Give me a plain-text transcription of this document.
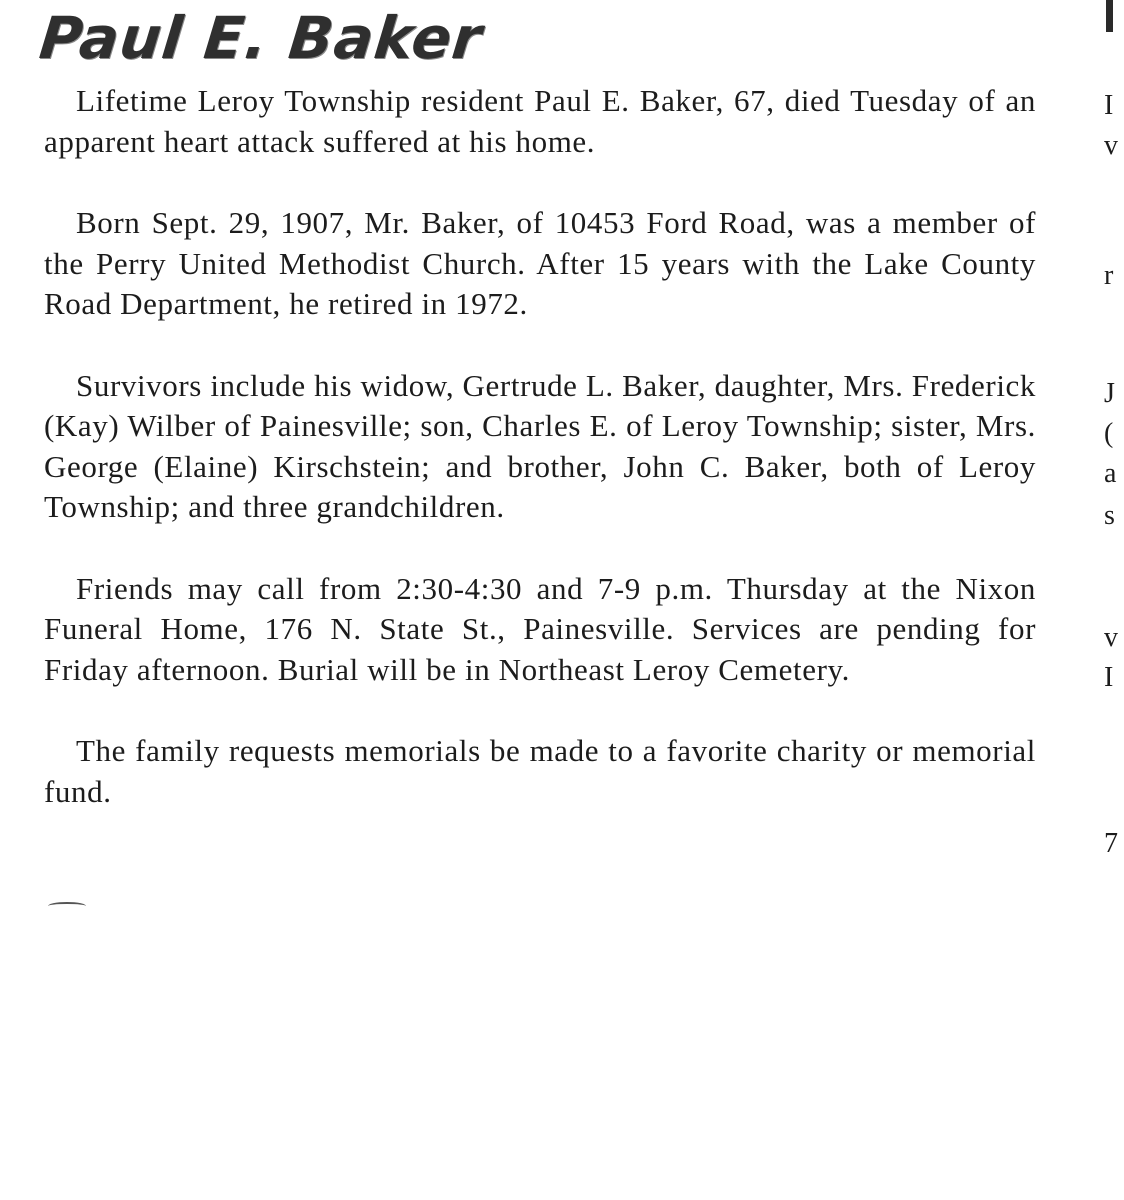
Paul E. Baker

Lifetime Leroy Township resident Paul E. Baker, 67, died Tuesday of an apparent heart attack suffered at his home.

Born Sept. 29, 1907, Mr. Baker, of 10453 Ford Road, was a member of the Perry United Methodist Church. After 15 years with the Lake County Road Department, he retired in 1972.

Survivors include his widow, Gertrude L. Baker, daughter, Mrs. Frederick (Kay) Wilber of Painesville; son, Charles E. of Leroy Township; sister, Mrs. George (Elaine) Kirschstein; and brother, John C. Baker, both of Leroy Township; and three grandchildren.

Friends may call from 2:30-4:30 and 7-9 p.m. Thursday at the Nixon Funeral Home, 176 N. State St., Painesville. Services are pending for Friday afternoon. Burial will be in Northeast Leroy Cemetery.

The family requests memorials be made to a favorite charity or memorial fund.

I
v
r
J
(
a
s
v
I
7
